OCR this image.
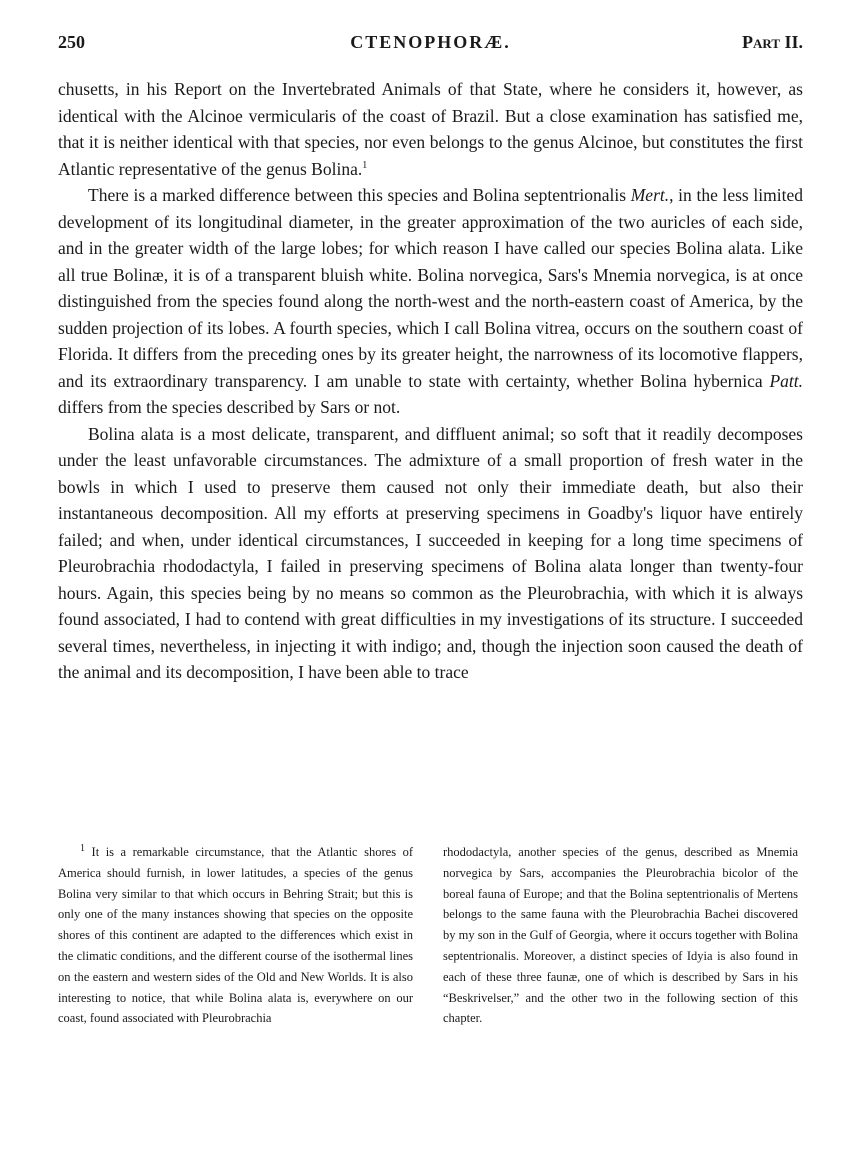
250	CTENOPHORÆ.	Part II.

chusetts, in his Report on the Invertebrated Animals of that State, where he considers it, however, as identical with the Alcinoe vermicularis of the coast of Brazil. But a close examination has satisfied me, that it is neither identical with that species, nor even belongs to the genus Alcinoe, but constitutes the first Atlantic representative of the genus Bolina.$^1$

There is a marked difference between this species and Bolina septentrionalis Mert., in the less limited development of its longitudinal diameter, in the greater approximation of the two auricles of each side, and in the greater width of the large lobes; for which reason I have called our species Bolina alata. Like all true Bolinæ, it is of a transparent bluish white. Bolina norvegica, Sars's Mnemia norvegica, is at once distinguished from the species found along the north-west and the north-eastern coast of America, by the sudden projection of its lobes. A fourth species, which I call Bolina vitrea, occurs on the southern coast of Florida. It differs from the preceding ones by its greater height, the narrowness of its locomotive flappers, and its extraordinary transparency. I am unable to state with certainty, whether Bolina hybernica Patt. differs from the species described by Sars or not.

Bolina alata is a most delicate, transparent, and diffluent animal; so soft that it readily decomposes under the least unfavorable circumstances. The admixture of a small proportion of fresh water in the bowls in which I used to preserve them caused not only their immediate death, but also their instantaneous decomposition. All my efforts at preserving specimens in Goadby's liquor have entirely failed; and when, under identical circumstances, I succeeded in keeping for a long time specimens of Pleurobrachia rhododactyla, I failed in preserving specimens of Bolina alata longer than twenty-four hours. Again, this species being by no means so common as the Pleurobrachia, with which it is always found associated, I had to contend with great difficulties in my investigations of its structure. I succeeded several times, nevertheless, in injecting it with indigo; and, though the injection soon caused the death of the animal and its decomposition, I have been able to trace

$^1$ It is a remarkable circumstance, that the Atlantic shores of America should furnish, in lower latitudes, a species of the genus Bolina very similar to that which occurs in Behring Strait; but this is only one of the many instances showing that species on the opposite shores of this continent are adapted to the differences which exist in the climatic conditions, and the different course of the isothermal lines on the eastern and western sides of the Old and New Worlds. It is also interesting to notice, that while Bolina alata is, everywhere on our coast, found associated with Pleurobrachia

rhododactyla, another species of the genus, described as Mnemia norvegica by Sars, accompanies the Pleurobrachia bicolor of the boreal fauna of Europe; and that the Bolina septentrionalis of Mertens belongs to the same fauna with the Pleurobrachia Bachei discovered by my son in the Gulf of Georgia, where it occurs together with Bolina septentrionalis. Moreover, a distinct species of Idyia is also found in each of these three faunæ, one of which is described by Sars in his “Beskrivelser,” and the other two in the following section of this chapter.
